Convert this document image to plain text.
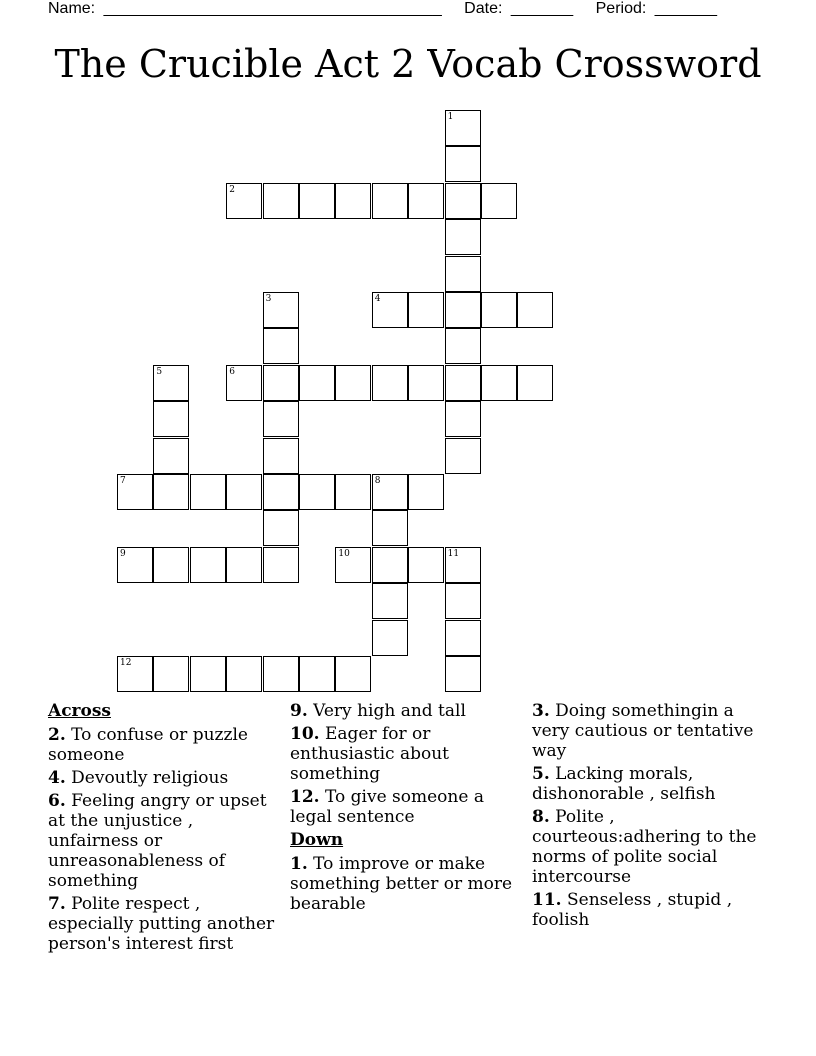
Name: ______________________________________ Date: _______ Period: _______
The Crucible Act 2 Vocab Crossword
1
2
4
3
6
5
7	8
9	10	11
12
Across
2. To confuse or puzzle someone
4. Devoutly religious
6. Feeling angry or upset at the unjustice , unfairness or unreasonableness of something
7. Polite respect , especially putting another person's interest first
9. Very high and tall
10. Eager for or enthusiastic about something
12. To give someone a legal sentence
Down
1. To improve or make something better or more bearable
3. Doing somethingin a very cautious or tentative way
5. Lacking morals, dishonorable , selfish
8. Polite , courteous:adhering to the norms of polite social intercourse
11. Senseless , stupid , foolish
